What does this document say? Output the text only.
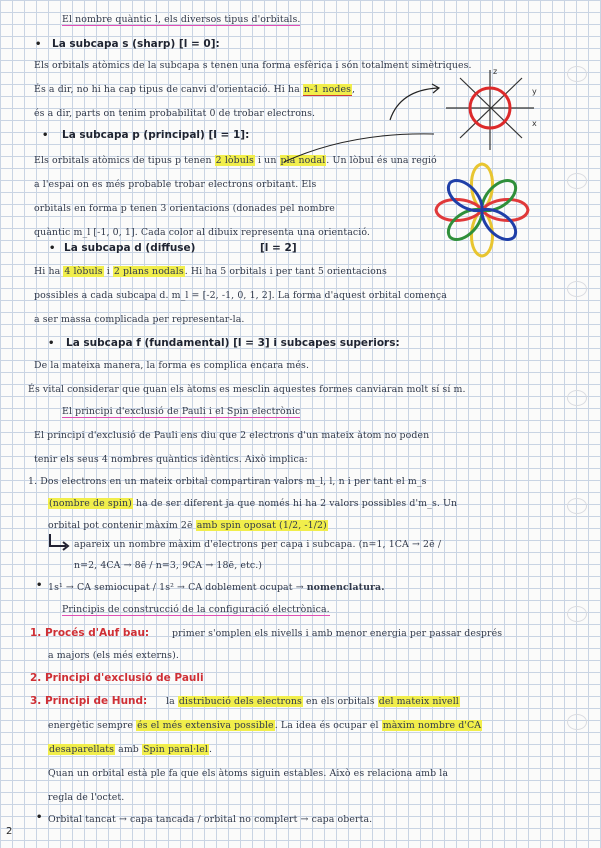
El nombre quàntic l, els diversos tipus d'orbitals.
• La subcapa s (sharp) [l = 0]:
Els orbitals atòmics de la subcapa s tenen una forma esfèrica i són totalment simètriques.
És a dir, no hi ha cap tipus de canvi d'orientació. Hi ha n-1 nodes,
és a dir, parts on tenim probabilitat 0 de trobar electrons.
• La subcapa p (principal) [l = 1]:
Els orbitals atòmics de tipus p tenen 2 lòbuls i un pla nodal. Un lòbul és una regió
a l'espai on es més probable trobar electrons orbitant. Els
orbitals en forma p tenen 3 orientacions (donades pel nombre
quàntic m_l [-1, 0, 1]. Cada color al dibuix representa una orientació.
• La subcapa d (diffuse)	[l = 2]
Hi ha 4 lòbuls i 2 plans nodals. Hi ha 5 orbitals i per tant 5 orientacions
possibles a cada subcapa d. m_l = [-2, -1, 0, 1, 2]. La forma d'aquest orbital comença
a ser massa complicada per representar-la.
• La subcapa f (fundamental) [l = 3] i subcapes superiors:
De la mateixa manera, la forma es complica encara més.
És vital considerar que quan els àtoms es mesclin aquestes formes canviaran molt sí sí m.
El principi d'exclusió de Pauli i el Spin electrònic
El principi d'exclusió de Pauli ens diu que 2 electrons d'un mateix àtom no poden
tenir els seus 4 nombres quàntics idèntics. Això implica:
1. Dos electrons en un mateix orbital compartiran valors m_l, l, n i per tant el m_s
(nombre de spin) ha de ser diferent ja que només hi ha 2 valors possibles d'm_s. Un
orbital pot contenir màxim 2ē amb spin oposat (1/2, -1/2)
apareix un nombre màxim d'electrons per capa i subcapa. (n=1, 1CA → 2ē /
n=2, 4CA → 8ē / n=3, 9CA → 18ē, etc.)
• 1s¹ → CA semiocupat / 1s² → CA doblement ocupat → nomenclatura.
Principis de construcció de la configuració electrònica.
1. Procés d'Auf bau: primer s'omplen els nivells i amb menor energia per passar després
a majors (els més externs).
2. Principi d'exclusió de Pauli
3. Principi de Hund: la distribució dels electrons en els orbitals del mateix nivell
energètic sempre és el més extensiva possible. La idea és ocupar el màxim nombre d'CA
desaparellats amb Spin paral·lel.
Quan un orbital està ple fa que els àtoms siguin estables. Això es relaciona amb la
regla de l'octet.
• Orbital tancat → capa tancada / orbital no complert → capa oberta.
2
z
y
x
